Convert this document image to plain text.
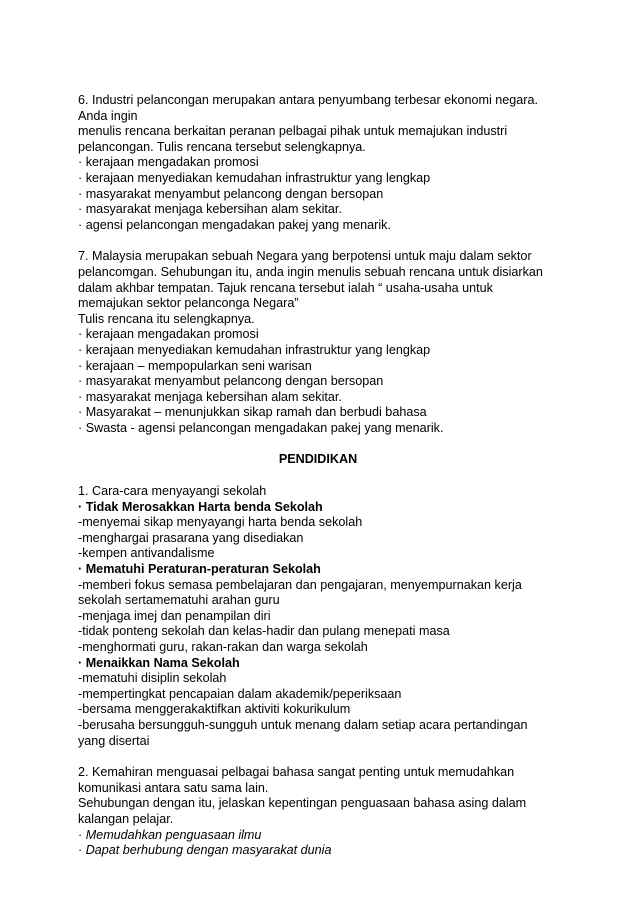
6. Industri pelancongan merupakan antara penyumbang terbesar ekonomi negara.
Anda ingin
menulis rencana berkaitan peranan pelbagai pihak untuk memajukan industri
pelancongan. Tulis rencana tersebut selengkapnya.
· kerajaan mengadakan promosi
· kerajaan menyediakan kemudahan infrastruktur yang lengkap
· masyarakat menyambut pelancong dengan bersopan
· masyarakat menjaga kebersihan alam sekitar.
· agensi pelancongan mengadakan pakej yang menarik.
7. Malaysia merupakan sebuah Negara yang berpotensi untuk maju dalam sektor
pelancomgan. Sehubungan itu, anda ingin menulis sebuah rencana untuk disiarkan
dalam akhbar tempatan. Tajuk rencana tersebut ialah “ usaha-usaha untuk
memajukan sektor pelanconga Negara”
Tulis rencana itu selengkapnya.
· kerajaan mengadakan promosi
· kerajaan menyediakan kemudahan infrastruktur yang lengkap
· kerajaan – mempopularkan seni warisan
· masyarakat menyambut pelancong dengan bersopan
· masyarakat menjaga kebersihan alam sekitar.
· Masyarakat – menunjukkan sikap ramah dan berbudi bahasa
· Swasta - agensi pelancongan mengadakan pakej yang menarik.
PENDIDIKAN
1. Cara-cara menyayangi sekolah
· Tidak Merosakkan Harta benda Sekolah
-menyemai sikap menyayangi harta benda sekolah
-menghargai prasarana yang disediakan
-kempen antivandalisme
· Mematuhi Peraturan-peraturan Sekolah
-memberi fokus semasa pembelajaran dan pengajaran, menyempurnakan kerja
sekolah sertamematuhi arahan guru
-menjaga imej dan penampilan diri
-tidak ponteng sekolah dan kelas-hadir dan pulang menepati masa
-menghormati guru, rakan-rakan dan warga sekolah
· Menaikkan Nama Sekolah
-mematuhi disiplin sekolah
-mempertingkat pencapaian dalam akademik/peperiksaan
-bersama menggerakaktifkan aktiviti kokurikulum
-berusaha bersungguh-sungguh untuk menang dalam setiap acara pertandingan
yang disertai
2. Kemahiran menguasai pelbagai bahasa sangat penting untuk memudahkan
komunikasi antara satu sama lain.
Sehubungan dengan itu, jelaskan kepentingan penguasaan bahasa asing dalam
kalangan pelajar.
· Memudahkan penguasaan ilmu
· Dapat berhubung dengan masyarakat dunia
